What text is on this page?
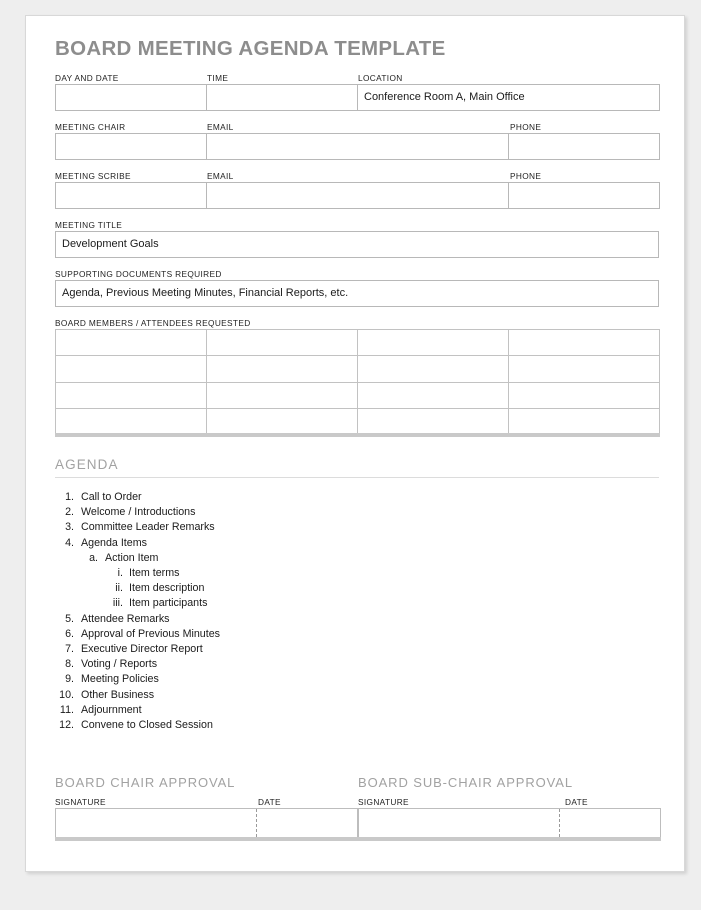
BOARD MEETING AGENDA TEMPLATE
DAY AND DATE	TIME	LOCATION
		Conference Room A, Main Office
MEETING CHAIR	EMAIL	PHONE

MEETING SCRIBE	EMAIL	PHONE

MEETING TITLE
Development Goals
SUPPORTING DOCUMENTS REQUIRED
Agenda, Previous Meeting Minutes, Financial Reports, etc.
BOARD MEMBERS / ATTENDEES REQUESTED

AGENDA
1. Call to Order
2. Welcome / Introductions
3. Committee Leader Remarks
4. Agenda Items
a. Action Item
i. Item terms
ii. Item description
iii. Item participants
5. Attendee Remarks
6. Approval of Previous Minutes
7. Executive Director Report
8. Voting / Reports
9. Meeting Policies
10. Other Business
11. Adjournment
12. Convene to Closed Session
BOARD CHAIR APPROVAL	BOARD SUB-CHAIR APPROVAL
SIGNATURE	DATE	SIGNATURE	DATE
